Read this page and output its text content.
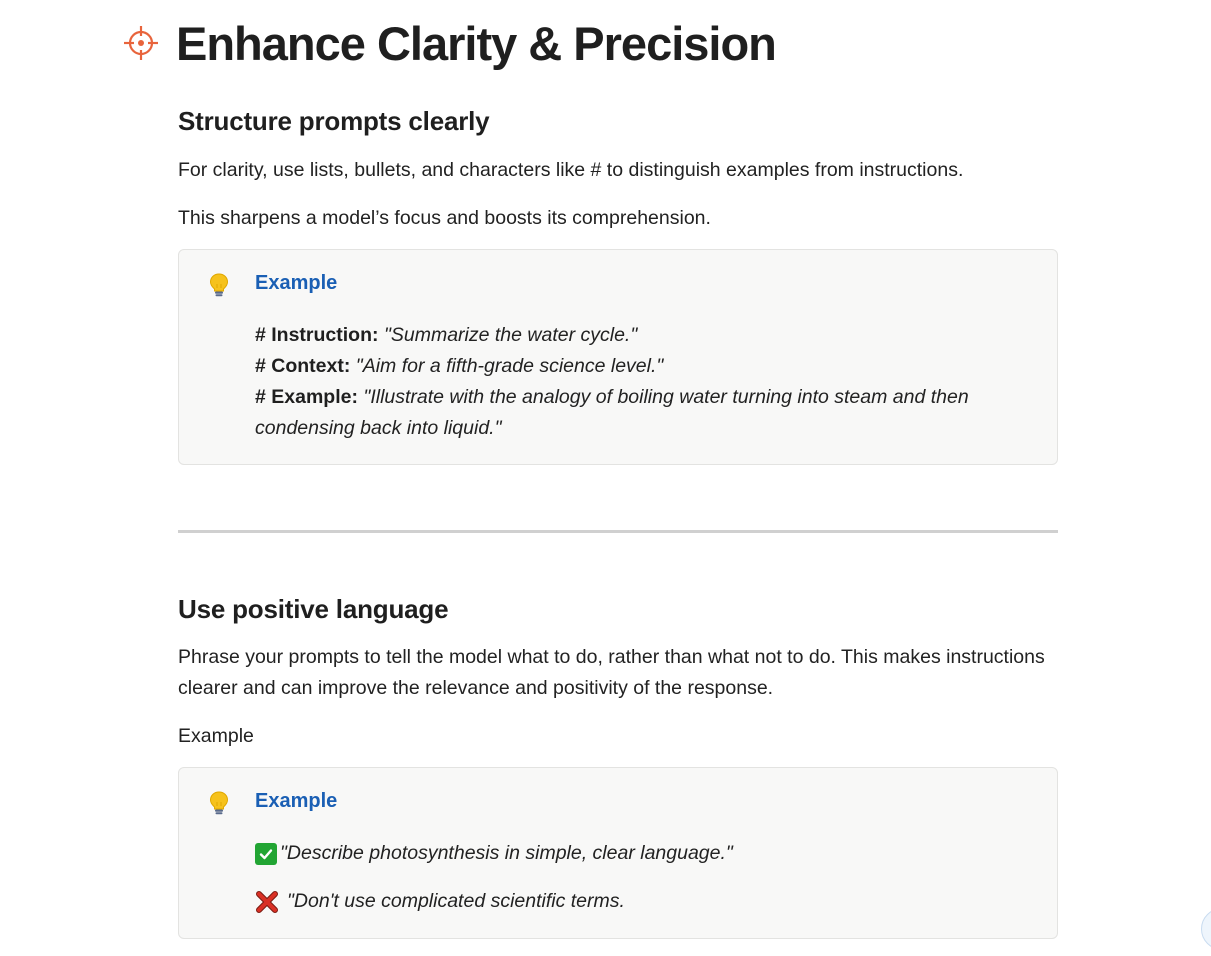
Enhance Clarity & Precision
Structure prompts clearly

For clarity, use lists, bullets, and characters like # to distinguish examples from instructions.

This sharpens a model’s focus and boosts its comprehension.

Example
# Instruction: "Summarize the water cycle."
# Context: "Aim for a fifth-grade science level."
# Example: "Illustrate with the analogy of boiling water turning into steam and then condensing back into liquid."
Use positive language

Phrase your prompts to tell the model what to do, rather than what not to do. This makes instructions clearer and can improve the relevance and positivity of the response.

Example

Example
"Describe photosynthesis in simple, clear language."
"Don't use complicated scientific terms.
